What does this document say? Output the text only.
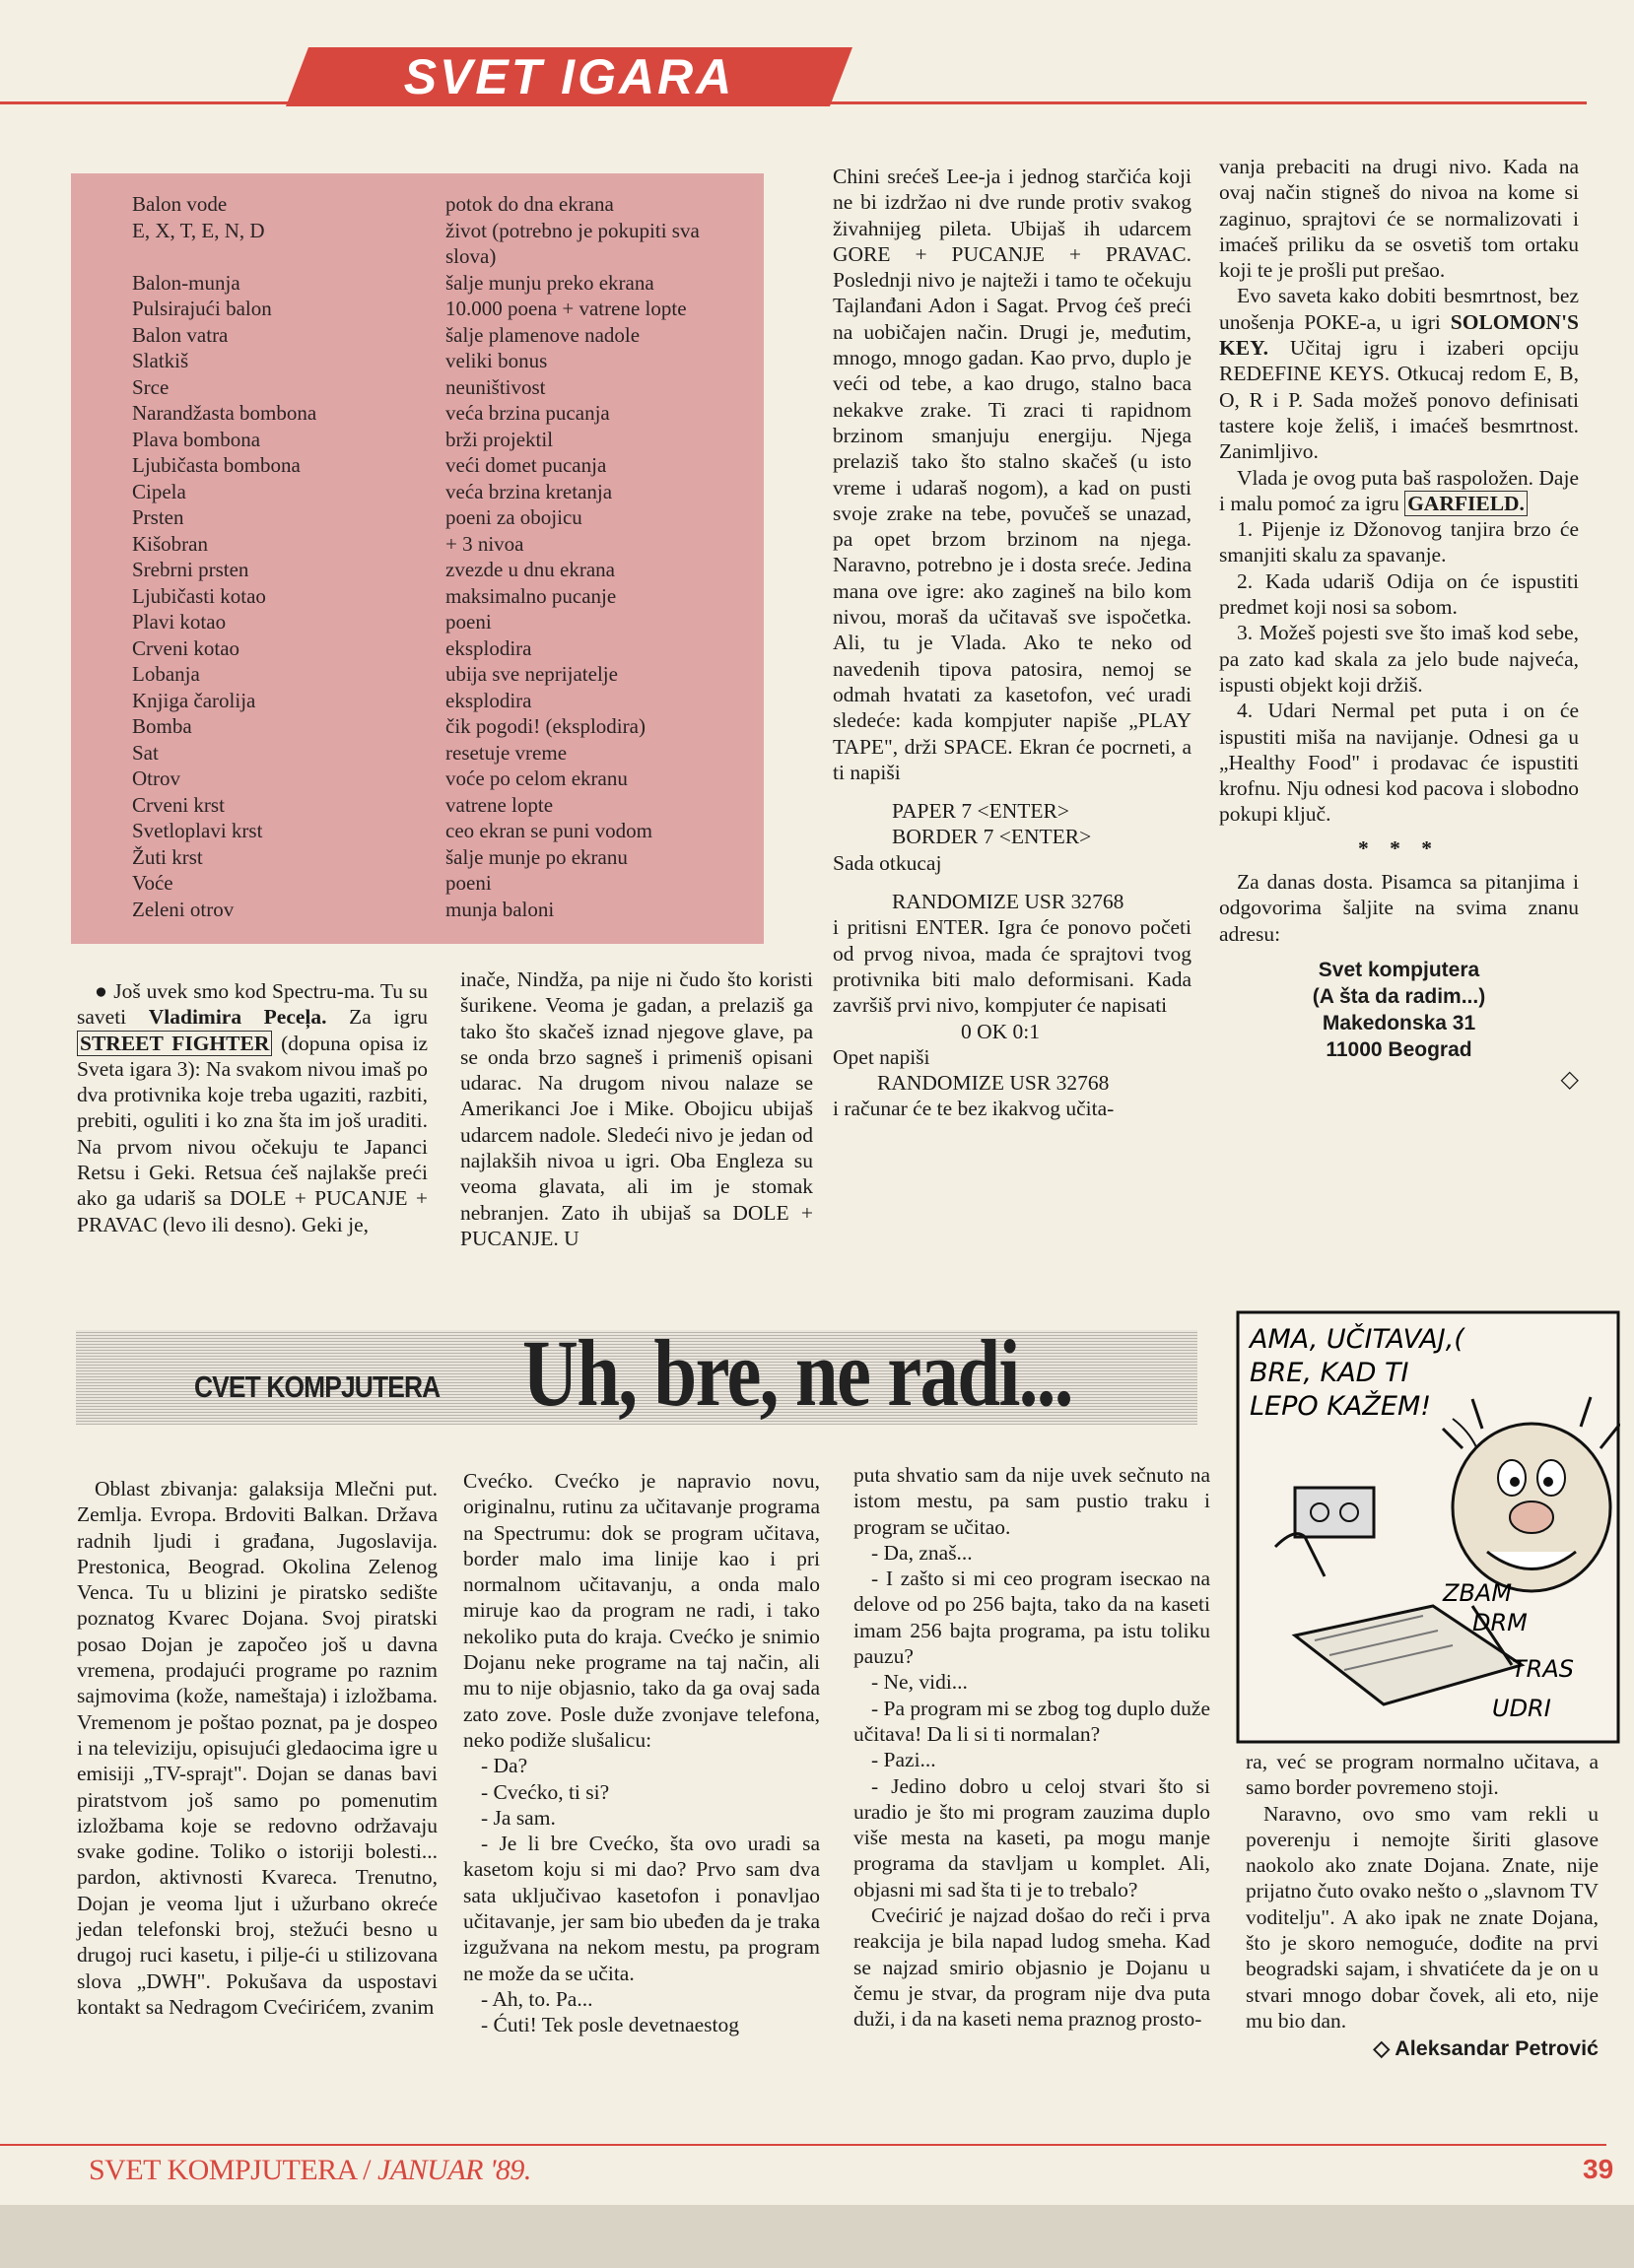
SVET IGARA
Balon vode
E, X, T, E, N, D
Balon-munja
Pulsirajući balon
Balon vatra
Slatkiš
Srce
Narandžasta bombona
Plava bombona
Ljubičasta bombona
Cipela
Prsten
Kišobran
Srebrni prsten
Ljubičasti kotao
Plavi kotao
Crveni kotao
Lobanja
Knjiga čarolija
Bomba
Sat
Otrov
Crveni krst
Svetloplavi krst
Žuti krst
Voće
Zeleni otrov
potok do dna ekrana
život (potrebno je pokupiti sva
slova)
šalje munju preko ekrana
10.000 poena + vatrene lopte
šalje plamenove nadole
veliki bonus
neuništivost
veća brzina pucanja
brži projektil
veći domet pucanja
veća brzina kretanja
poeni za obojicu
+ 3 nivoa
zvezde u dnu ekrana
maksimalno pucanje
poeni
eksplodira
ubija sve neprijatelje
eksplodira
čik pogodi! (eksplodira)
resetuje vreme
voće po celom ekranu
vatrene lopte
ceo ekran se puni vodom
šalje munje po ekranu
poeni
munja baloni

● Još uvek smo kod Spectru-ma. Tu su saveti Vladimira Peceļa. Za igru STREET FIGHTER (dopuna opisa iz Sveta igara 3): Na svakom nivou imaš po dva protivnika koje treba ugaziti, razbiti, prebiti, oguliti i ko zna šta im još uraditi. Na prvom nivou očekuju te Japanci Retsu i Geki. Retsua ćeš najlakše preći ako ga udariš sa DOLE + PUCANJE + PRAVAC (levo ili desno). Geki je,

inače, Nindža, pa nije ni čudo što koristi šurikene. Veoma je gadan, a prelaziš ga tako što skačeš iznad njegove glave, pa se onda brzo sagneš i primeniš opisani udarac. Na drugom nivou nalaze se Amerikanci Joe i Mike. Obojicu ubijaš udarcem nadole. Sledeći nivo je jedan od najlakših nivoa u igri. Oba Engleza su veoma glavata, ali im je stomak nebranjen. Zato ih ubijaš sa DOLE + PUCANJE. U

Chini srećeš Lee-ja i jednog starčića koji ne bi izdržao ni dve runde protiv svakog živahnijeg pileta. Ubijaš ih udarcem GORE + PUCANJE + PRAVAC. Poslednji nivo je najteži i tamo te očekuju Tajlanđani Adon i Sagat. Prvog ćeš preći na uobičajen način. Drugi je, međutim, mnogo, mnogo gadan. Kao prvo, duplo je veći od tebe, a kao drugo, stalno baca nekakve zrake. Ti zraci ti rapidnom brzinom smanjuju energiju. Njega prelaziš tako što stalno skačeš (u isto vreme i udaraš nogom), a kad on pusti svoje zrake na tebe, povučeš se unazad, pa opet brzom brzinom na njega. Naravno, potrebno je i dosta sreće. Jedina mana ove igre: ako zagineš na bilo kom nivou, moraš da učitavaš sve ispočetka. Ali, tu je Vlada. Ako te neko od navedenih tipova patosira, nemoj se odmah hvatati za kasetofon, već uradi sledeće: kada kompjuter napiše „PLAY TAPE", drži SPACE. Ekran će pocrneti, a ti napiši

PAPER 7 <ENTER>

BORDER 7 <ENTER>

Sada otkucaj

RANDOMIZE USR 32768

i pritisni ENTER. Igra će ponovo početi od prvog nivoa, mada će sprajtovi tvog protivnika biti malo deformisani. Kada završiš prvi nivo, kompjuter će napisati

0 OK 0:1

Opet napiši

RANDOMIZE USR 32768

i računar će te bez ikakvog učita-

vanja prebaciti na drugi nivo. Kada na ovaj način stigneš do nivoa na kome si zaginuo, sprajtovi će se normalizovati i imaćeš priliku da se osvetiš tom ortaku koji te je prošli put prešao.

Evo saveta kako dobiti besmrtnost, bez unošenja POKE-a, u igri SOLOMON'S KEY. Učitaj igru i izaberi opciju REDEFINE KEYS. Otkucaj redom E, B, O, R i P. Sada možeš ponovo definisati tastere koje želiš, i imaćeš besmrtnost. Zanimljivo.

Vlada je ovog puta baš raspoložen. Daje i malu pomoć za igru GARFIELD.

1. Pijenje iz Džonovog tanjira brzo će smanjiti skalu za spavanje.

2. Kada udariš Odija on će ispustiti predmet koji nosi sa sobom.

3. Možeš pojesti sve što imaš kod sebe, pa zato kad skala za jelo bude najveća, ispusti objekt koji držiš.

4. Udari Nermal pet puta i on će ispustiti miša na navijanje. Odnesi ga u „Healthy Food" i prodavac će ispustiti krofnu. Nju odnesi kod pacova i slobodno pokupi ključ.

* * *

Za danas dosta. Pisamca sa pitanjima i odgovorima šaljite na svima znanu adresu:

Svet kompjutera
(A šta da radim...)
Makedonska 31
11000 Beograd
◇
CVET KOMPJUTERA Uh, bre, ne radi...	AMA, UČITAVAJ,(
BRE, KAD TI
LEPO KAŽEM!
ZBAM
DRM
TRAS
UDRI

Oblast zbivanja: galaksija Mlečni put. Zemlja. Evropa. Brdoviti Balkan. Država radnih ljudi i građana, Jugoslavija. Prestonica, Beograd. Okolina Zelenog Venca. Tu u blizini je piratsko sedište poznatog Kvarec Dojana. Svoj piratski posao Dojan je započeo još u davna vremena, prodajući programe po raznim sajmovima (kože, nameštaja) i izložbama. Vremenom je poštao poznat, pa je dospeo i na televiziju, opisujući gledaocima igre u emisiji „TV-sprajt". Dojan se danas bavi piratstvom još samo po pomenutim izložbama koje se redovno održavaju svake godine. Toliko o istoriji bolesti... pardon, aktivnosti Kvareca. Trenutno, Dojan je veoma ljut i užurbano okreće jedan telefonski broj, stežući besno u drugoj ruci kasetu, i pilje-ći u stilizovana slova „DWH". Pokušava da uspostavi kontakt sa Nedragom Cvećirićem, zvanim

Cvećko. Cvećko je napravio novu, originalnu, rutinu za učitavanje programa na Spectrumu: dok se program učitava, border malo ima linije kao i pri normalnom učitavanju, a onda malo miruje kao da program ne radi, i tako nekoliko puta do kraja. Cvećko je snimio Dojanu neke programe na taj način, ali mu to nije objasnio, tako da ga ovaj sada zato zove. Posle duže zvonjave telefona, neko podiže slušalicu:

- Da?

- Cvećko, ti si?

- Ja sam.

- Je li bre Cvećko, šta ovo uradi sa kasetom koju si mi dao? Prvo sam dva sata uključivao kasetofon i ponavljao učitavanje, jer sam bio ubeđen da je traka izgužvana na nekom mestu, pa program ne može da se učita.

- Ah, to. Pa...

- Ćuti! Tek posle devetnaestog

puta shvatio sam da nije uvek sečnuto na istom mestu, pa sam pustio traku i program se učitao.

- Da, znaš...

- I zašto si mi ceo program isecкао na delove od po 256 bajta, tako da na kaseti imam 256 bajta programa, pa istu toliku pauzu?

- Ne, vidi...

- Pa program mi se zbog tog duplo duže učitava! Da li si ti normalan?

- Pazi...

- Jedino dobro u celoj stvari što si uradio je što mi program zauzima duplo više mesta na kaseti, pa mogu manje programa da stavljam u komplet. Ali, objasni mi sad šta ti je to trebalo?

Cvećirić je najzad došao do reči i prva reakcija je bila napad ludog smeha. Kad se najzad smirio objasnio je Dojanu u čemu je stvar, da program nije dva puta duži, i da na kaseti nema praznog prosto-

ra, već se program normalno učitava, a samo border povremeno stoji.

Naravno, ovo smo vam rekli u poverenju i nemojte širiti glasove naokolo ako znate Dojana. Znate, nije prijatno čuto ovako nešto o „slavnom TV voditelju". A ako ipak ne znate Dojana, što je skoro nemoguće, dođite na prvi beogradski sajam, i shvatićete da je on u stvari mnogo dobar čovek, ali eto, nije mu bio dan.

◇ Aleksandar Petrović

SVET KOMPJUTERA / JANUAR '89.	39
